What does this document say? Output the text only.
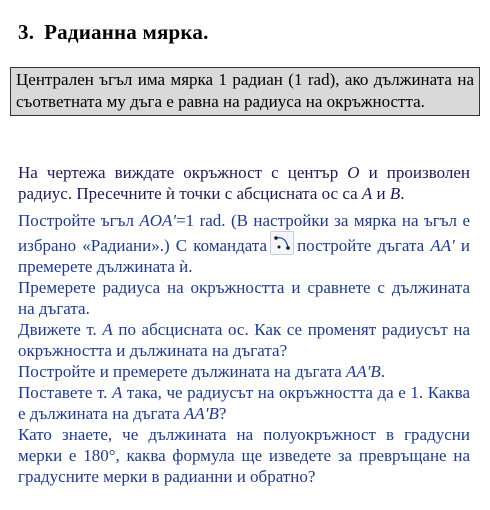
3. Радианна мярка.
Централен ъгъл има мярка 1 радиан (1 rad), ако дължината на съответната му дъга е равна на радиуса на окръжността.
На чертежа виждате окръжност с център O и произволен радиус. Пресечните ѝ точки с абсцисната ос са A и B.
Постройте ъгъл AOA'=1 rad. (В настройки за мярка на ъгъл е избрано «Радиани».) С командата постройте дъгата AA' и премерете дължината ѝ.
Премерете радиуса на окръжността и сравнете с дължината на дъгата.
Движете т. A по абсцисната ос. Как се променят радиусът на окръжността и дължината на дъгата?
Постройте и премерете дължината на дъгата AA'B.
Поставете т. A така, че радиусът на окръжността да е 1. Каква е дължината на дъгата AA'B?
Като знаете, че дължината на полуокръжност в градусни мерки е 180°, каква формула ще изведете за превръщане на градусните мерки в радианни и обратно?
